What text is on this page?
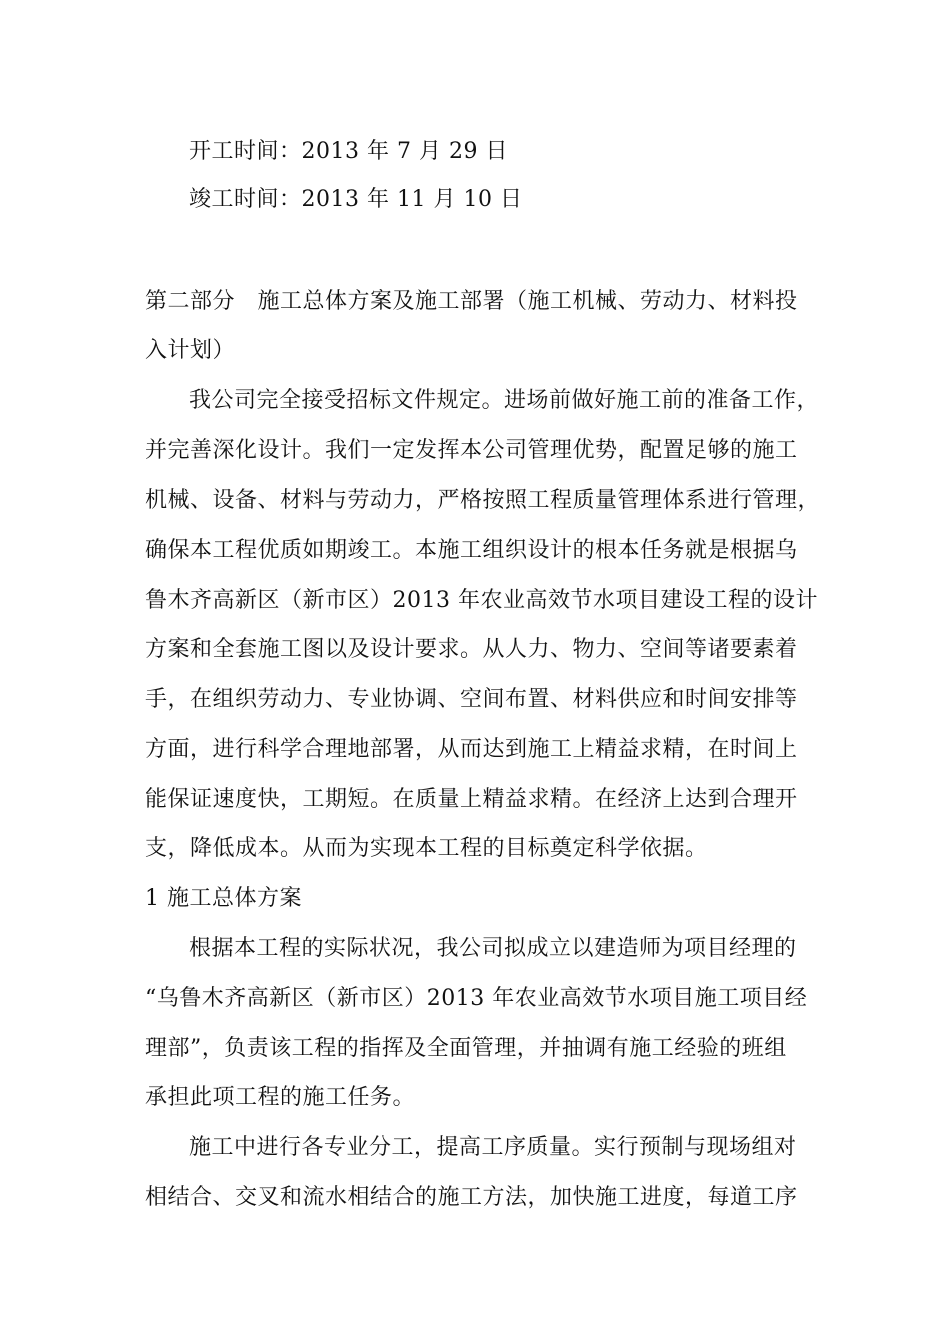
开工时间：2013 年 7 月 29 日
竣工时间：2013 年 11 月 10 日
第二部分　施工总体方案及施工部署（施工机械、劳动力、材料投
入计划）
我公司完全接受招标文件规定。进场前做好施工前的准备工作，
并完善深化设计。我们一定发挥本公司管理优势，配置足够的施工
机械、设备、材料与劳动力，严格按照工程质量管理体系进行管理，
确保本工程优质如期竣工。本施工组织设计的根本任务就是根据乌
鲁木齐高新区（新市区）2013 年农业高效节水项目建设工程的设计
方案和全套施工图以及设计要求。从人力、物力、空间等诸要素着
手，在组织劳动力、专业协调、空间布置、材料供应和时间安排等
方面，进行科学合理地部署，从而达到施工上精益求精，在时间上
能保证速度快，工期短。在质量上精益求精。在经济上达到合理开
支，降低成本。从而为实现本工程的目标奠定科学依据。
1 施工总体方案
根据本工程的实际状况，我公司拟成立以建造师为项目经理的
“乌鲁木齐高新区（新市区）2013 年农业高效节水项目施工项目经
理部”，负责该工程的指挥及全面管理，并抽调有施工经验的班组
承担此项工程的施工任务。
施工中进行各专业分工，提高工序质量。实行预制与现场组对
相结合、交叉和流水相结合的施工方法，加快施工进度，每道工序
